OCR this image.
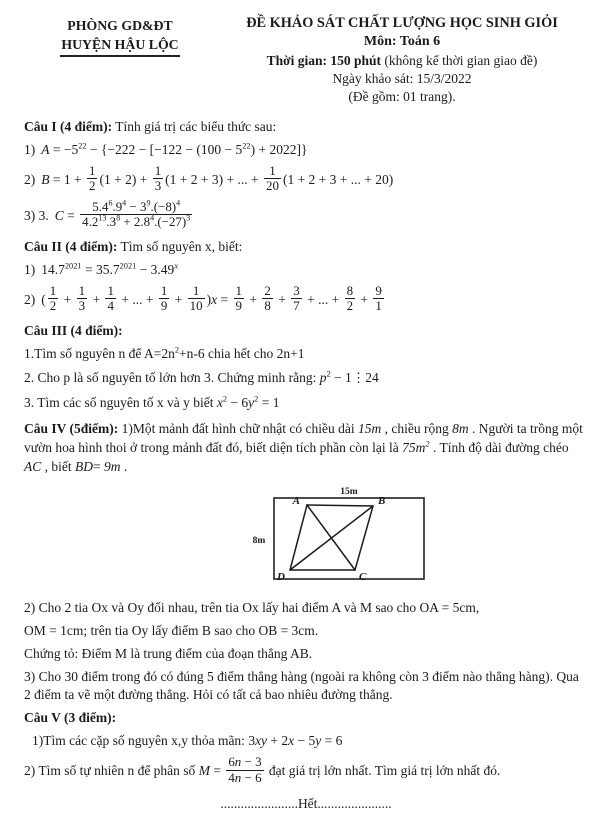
PHÒNG GD&ĐT
HUYỆN HẬU LỘC
ĐỀ KHẢO SÁT CHẤT LƯỢNG HỌC SINH GIỎI
Môn: Toán 6
Thời gian: 150 phút (không kể thời gian giao đề)
Ngày khảo sát: 15/3/2022
(Đề gồm: 01 trang).
Câu I (4 điểm): Tính giá trị các biểu thức sau:
1) $A = -5^{22} - \{-222 - [-122 - (100 - 5^{22}) + 2022]\}$
2) $B = 1 + \frac{1}{2} (1 + 2) + \frac{1}{3} (1 + 2 + 3)$ + ... + $\frac{1}{20} (1 + 2 + 3$ + ... + 20)
3) 3. $C = \frac{5.4^6.9^4 - 3^9.(-8)^4}{4.2^{13}.3^8 + 2.8^4.(-27)^3}$
Câu II (4 điểm): Tìm số nguyên x, biết:
1) $14.7^{2021} = 35.7^{2021} - 3.49^x$
2) ( $\frac{1}{2} + \frac{1}{3} + \frac{1}{4}$ + ... + $\frac{1}{9} + \frac{1}{10} )x = \frac{1}{9} + \frac{2}{8} + \frac{3}{7}$ + ... + $\frac{8}{2} + \frac{9}{1}$
Câu III (4 điểm):
1.Tìm số nguyên n để $A=2n^2+n-6$ chia hết cho 2n+1
2. Cho p là số nguyên tố lớn hơn 3. Chứng minh rằng: $p^2$ − 1⋮24
3. Tìm các số nguyên tố x và y biết $x^2 - 6y^2 = 1$
Câu IV (5điểm): 1)Một mảnh đất hình chữ nhật có chiều dài 15m , chiều rộng 8m . Người ta trồng một vườn hoa hình thoi ở trong mảnh đất đó, biết diện tích phần còn lại là $75m^2$ . Tính độ dài đường chéo AC , biết BD= 9m .
15m
8m
A	B
C
D
2) Cho 2 tia Ox và Oy đối nhau, trên tia Ox lấy hai điểm A và M sao cho OA = 5cm,
OM = 1cm; trên tia Oy lấy điểm B sao cho OB = 3cm.
Chứng tỏ: Điểm M là trung điểm của đoạn thẳng AB.
3) Cho 30 điểm trong đó có đúng 5 điểm thẳng hàng (ngoài ra không còn 3 điểm nào thẳng hàng). Qua 2 điểm ta vẽ một đường thẳng. Hỏi có tất cả bao nhiêu đường thẳng.
Câu V (3 điểm):
1)Tìm các cặp số nguyên x,y thỏa mãn: 3xy + 2x − 5y = 6
2) Tìm số tự nhiên n để phân số $M = \frac{6n - 3}{4n - 6}$ đạt giá trị lớn nhất. Tìm giá trị lớn nhất đó.
.......................Hết......................
